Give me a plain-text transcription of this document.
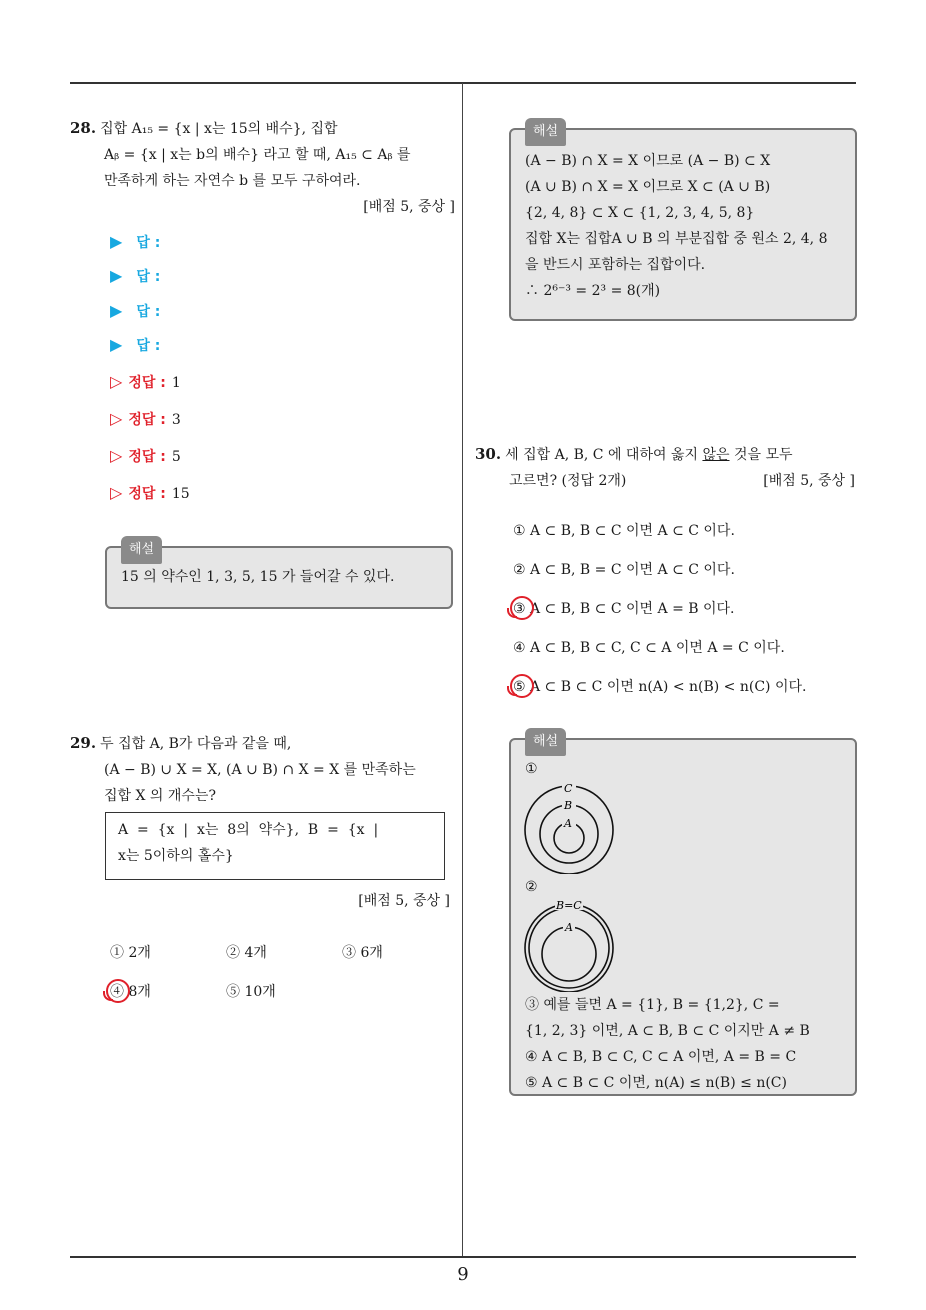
9
28. 집합 A₁₅ = {x | x는 15의 배수}, 집합
Aᵦ = {x | x는 b의 배수} 라고 할 때, A₁₅ ⊂ Aᵦ 를
만족하게 하는 자연수 b 를 모두 구하여라.
[배점 5, 중상 ]
▶ 답 :
▶ 답 :
▶ 답 :
▶ 답 :
▷ 정답 : 1
▷ 정답 : 3
▷ 정답 : 5
▷ 정답 : 15
해설
15 의 약수인 1, 3, 5, 15 가 들어갈 수 있다.
29. 두 집합 A, B가 다음과 같을 때,
(A − B) ∪ X = X, (A ∪ B) ∩ X = X 를 만족하는
집합 X 의 개수는?
A  =  {x  |  x는  8의  약수},  B  =  {x  |
x는 5이하의 홀수}
[배점 5, 중상 ]
① 2개	② 4개	③ 6개
④ 8개	⑤ 10개
해설
(A − B) ∩ X = X 이므로 (A − B) ⊂ X
(A ∪ B) ∩ X = X 이므로 X ⊂ (A ∪ B)
{2, 4, 8} ⊂ X ⊂ {1, 2, 3, 4, 5, 8}
집합 X는 집합A ∪ B 의 부분집합 중 원소 2, 4, 8
을 반드시 포함하는 집합이다.
∴ 2⁶⁻³ = 2³ = 8(개)
30. 세 집합 A, B, C 에 대하여 옳지 않은 것을 모두
고르면? (정답 2개)	[배점 5, 중상 ]
① A ⊂ B, B ⊂ C 이면 A ⊂ C 이다.
② A ⊂ B, B = C 이면 A ⊂ C 이다.
③ A ⊂ B, B ⊂ C 이면 A = B 이다.
④ A ⊂ B, B ⊂ C, C ⊂ A 이면 A = C 이다.
⑤ A ⊂ B ⊂ C 이면 n(A) < n(B) < n(C) 이다.
해설
①
C
B
A
②
B=C
A
③ 예를 들면 A = {1}, B = {1,2}, C =
{1, 2, 3} 이면, A ⊂ B, B ⊂ C 이지만 A ≠ B
④ A ⊂ B, B ⊂ C, C ⊂ A 이면, A = B = C
⑤ A ⊂ B ⊂ C 이면, n(A) ≤ n(B) ≤ n(C)
